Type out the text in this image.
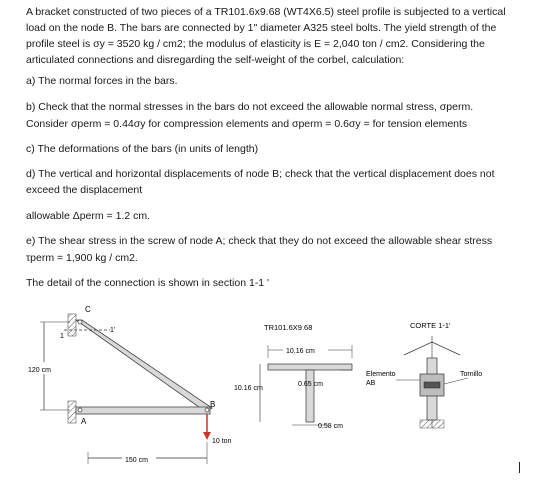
A bracket constructed of two pieces of a TR101.6x9.68 (WT4X6.5) steel profile is subjected to a vertical load on the node B. The bars are connected by 1" diameter A325 steel bolts. The yield strength of the profile steel is σy = 3520 kg / cm2; the modulus of elasticity is E = 2,040 ton / cm2. Considering the articulated connections and disregarding the self-weight of the corbel, calculation:
a) The normal forces in the bars.
b) Check that the normal stresses in the bars do not exceed the allowable normal stress, σperm.
Consider σperm = 0.44σy for compression elements and σperm = 0.6σy = for tension elements
c) The deformations of the bars (in units of length)
d) The vertical and horizontal displacements of node B; check that the vertical displacement does not exceed the displacement
allowable Δperm = 1.2 cm.
e) The shear stress in the screw of node A; check that they do not exceed the allowable shear stress
τperm = 1,900 kg / cm2.
The detail of the connection is shown in section 1-1 '
C
A
B
1
1'
120 cm
150 cm
10 ton
TR101.6X9.68
10.16 cm
10.16 cm
0.65 cm
0.58 cm
CORTE 1-1'
Elemento
AB
Tornillo
